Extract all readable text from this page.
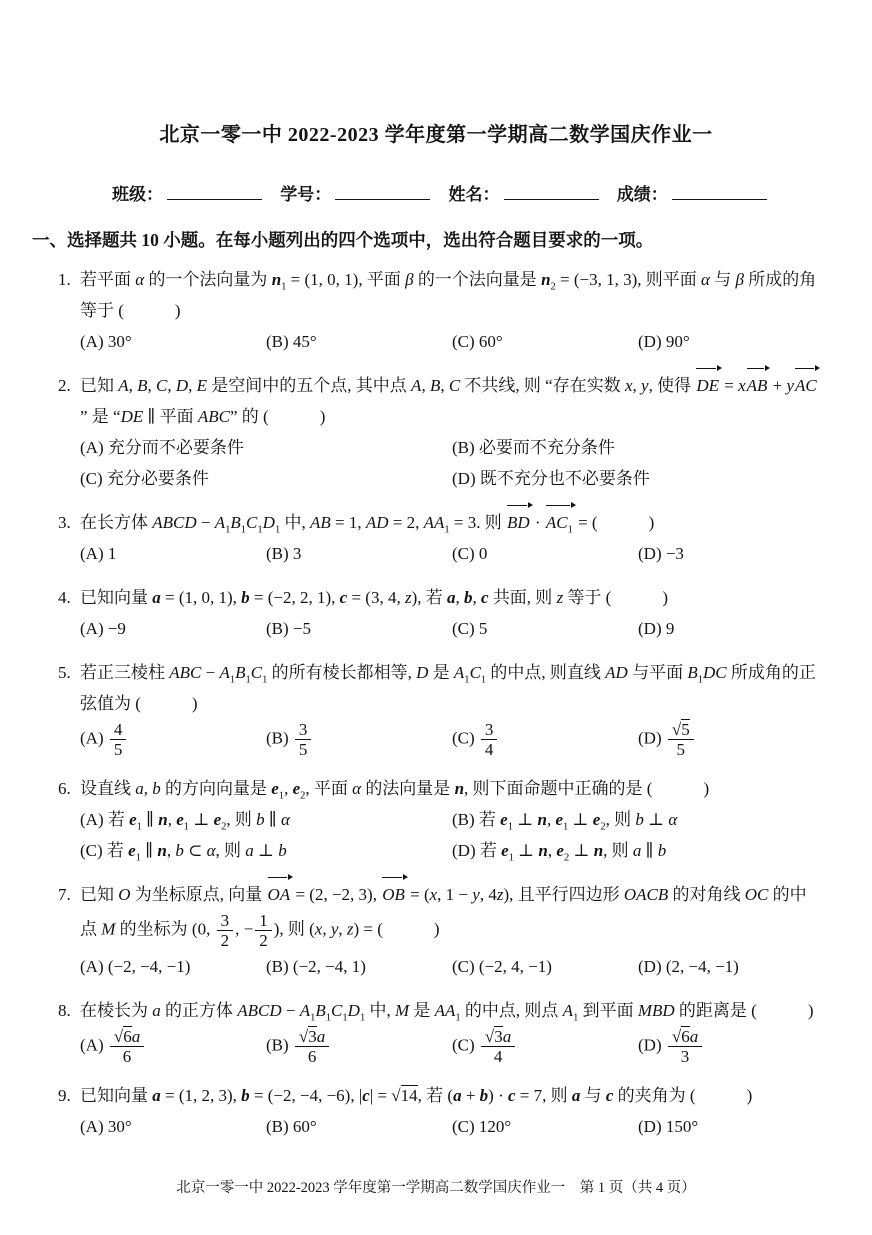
北京一零一中 2022-2023 学年度第一学期高二数学国庆作业一
班级：	学号：	姓名：	成绩：
一、选择题共 10 小题。在每小题列出的四个选项中，选出符合题目要求的一项。
1. 若平面 α 的一个法向量为 $n_1 = (1$, 0, 1), 平面 β 的一个法向量是 $n_2 = (-3$, 1, 3), 则平面 α 与 β 所成的角等于 (   )
(A) 30°	(B) 45°	(C) 60°	(D) 90°
2. 已知 A, B, C, D, E 是空间中的五个点, 其中点 A, B, C 不共线, 则 “存在实数 x, y, 使得 DE = xAB + yAC” 是 “DE ∥ 平面 ABC” 的 (   )
(A) 充分而不必要条件	(B) 必要而不充分条件
(C) 充分必要条件	(D) 既不充分也不必要条件
3. 在长方体 ABCD − $A_1B_1C_1D_1$ 中, AB = 1, AD = 2, $AA_1 = 3$. 则 BD · $AC_1$ = (   )
(A) 1	(B) 3	(C) 0	(D) −3
4. 已知向量 a = (1, 0, 1), b = (−2, 2, 1), c = (3, 4, z), 若 a, b, c 共面, 则 z 等于 (   )
(A) −9	(B) −5	(C) 5	(D) 9
5. 若正三棱柱 ABC − $A_1B_1C_1$ 的所有棱长都相等, D 是 $A_1C_1$ 的中点, 则直线 AD 与平面 $B_1DC$ 所成角的正弦值为 (   )
$(A) \frac{4}{5}$	$(B) \frac{3}{5}$	$(C) \frac{3}{4}$	$(D) \frac{√5}{5}$
6. 设直线 a, b 的方向向量是 $e_1$, $e_2$, 平面 α 的法向量是 n, 则下面命题中正确的是 (   )
(A) 若 $e_1$ ∥ n, $e_1$ ⊥ $e_2$, 则 b ∥ α	(B) 若 $e_1$ ⊥ n, $e_1$ ⊥ $e_2$, 则 b ⊥ α
(C) 若 $e_1$ ∥ n, b ⊂ α, 则 a ⊥ b	(D) 若 $e_1$ ⊥ n, $e_2$ ⊥ n, 则 a ∥ b
7. 已知 O 为坐标原点, 向量 OA = (2, −2, 3), OB = (x, 1 − y, 4z), 且平行四边形 OACB 的对角线 OC 的中点 M 的坐标为 (0, $\frac{3}{2}$ , − $\frac{1}{2}$ ), 则 (x, y, z) = (   )
(A) (−2, −4, −1)	(B) (−2, −4, 1)	(C) (−2, 4, −1)	(D) (2, −4, −1)
8. 在棱长为 a 的正方体 ABCD − $A_1B_1C_1D_1$ 中, M 是 $AA_1$ 的中点, 则点 $A_1$ 到平面 MBD 的距离是 (   )
$(A) \frac{√6a}{6}$	$(B) \frac{√3a}{6}$	$(C) \frac{√3a}{4}$	$(D) \frac{√6a}{3}$
9. 已知向量 a = (1, 2, 3), b = (−2, −4, −6), |c| = √14, 若 (a + b) · c = 7, 则 a 与 c 的夹角为 (   )
(A) 30°	(B) 60°	(C) 120°	(D) 150°
北京一零一中 2022-2023 学年度第一学期高二数学国庆作业一　第 1 页（共 4 页）
